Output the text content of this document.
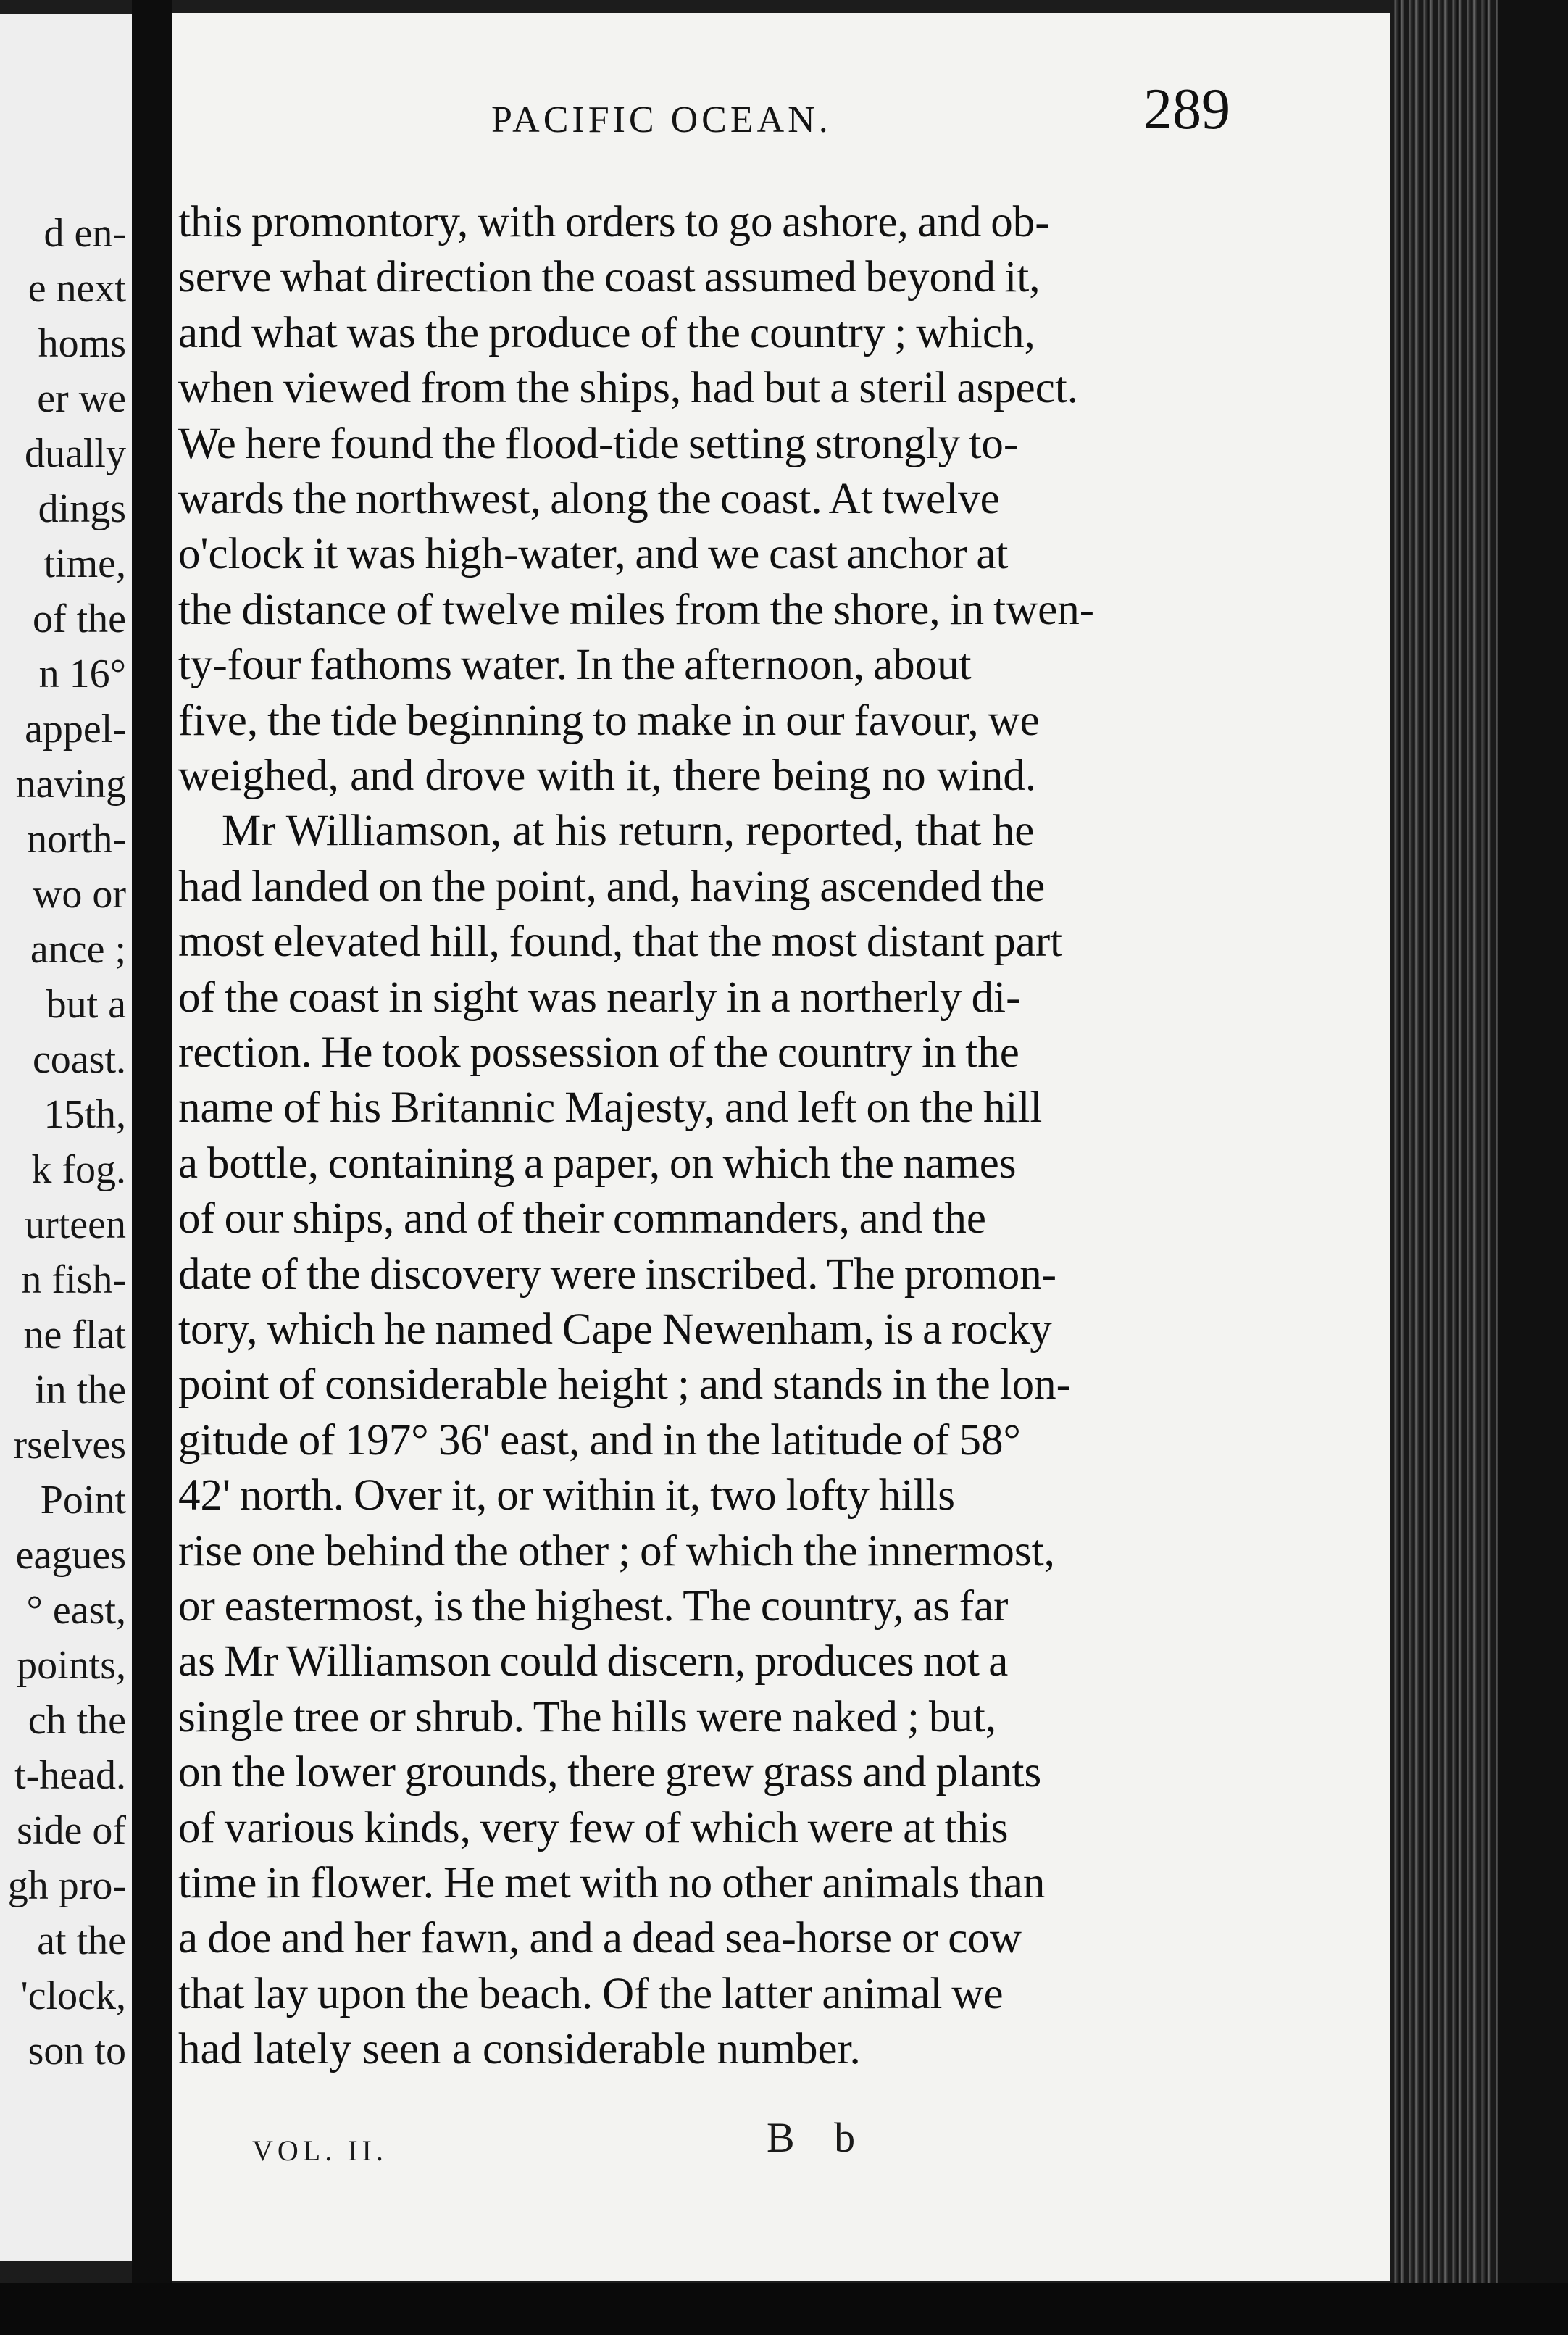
d en-
e next
homs
er we
dually
dings
time,
of the
n 16°
appel-
naving
north-
wo or
ance ;
but a
coast.
15th,
k fog.
urteen
n fish-
ne flat
in the
rselves
Point
eagues
° east,
points,
ch the
t-head.
side of
gh pro-
at the
'clock,
son to
PACIFIC OCEAN.	289
this promontory, with orders to go ashore, and ob-
serve what direction the coast assumed beyond it,
and what was the produce of the country ; which,
when viewed from the ships, had but a steril aspect.
We here found the flood-tide setting strongly to-
wards the northwest, along the coast. At twelve
o'clock it was high-water, and we cast anchor at
the distance of twelve miles from the shore, in twen-
ty-four fathoms water. In the afternoon, about
five, the tide beginning to make in our favour, we
weighed, and drove with it, there being no wind.
Mr Williamson, at his return, reported, that he
had landed on the point, and, having ascended the
most elevated hill, found, that the most distant part
of the coast in sight was nearly in a northerly di-
rection. He took possession of the country in the
name of his Britannic Majesty, and left on the hill
a bottle, containing a paper, on which the names
of our ships, and of their commanders, and the
date of the discovery were inscribed. The promon-
tory, which he named Cape Newenham, is a rocky
point of considerable height ; and stands in the lon-
gitude of 197° 36' east, and in the latitude of 58°
42' north. Over it, or within it, two lofty hills
rise one behind the other ; of which the innermost,
or eastermost, is the highest. The country, as far
as Mr Williamson could discern, produces not a
single tree or shrub. The hills were naked ; but,
on the lower grounds, there grew grass and plants
of various kinds, very few of which were at this
time in flower. He met with no other animals than
a doe and her fawn, and a dead sea-horse or cow
that lay upon the beach. Of the latter animal we
had lately seen a considerable number.
VOL. II.	B b
